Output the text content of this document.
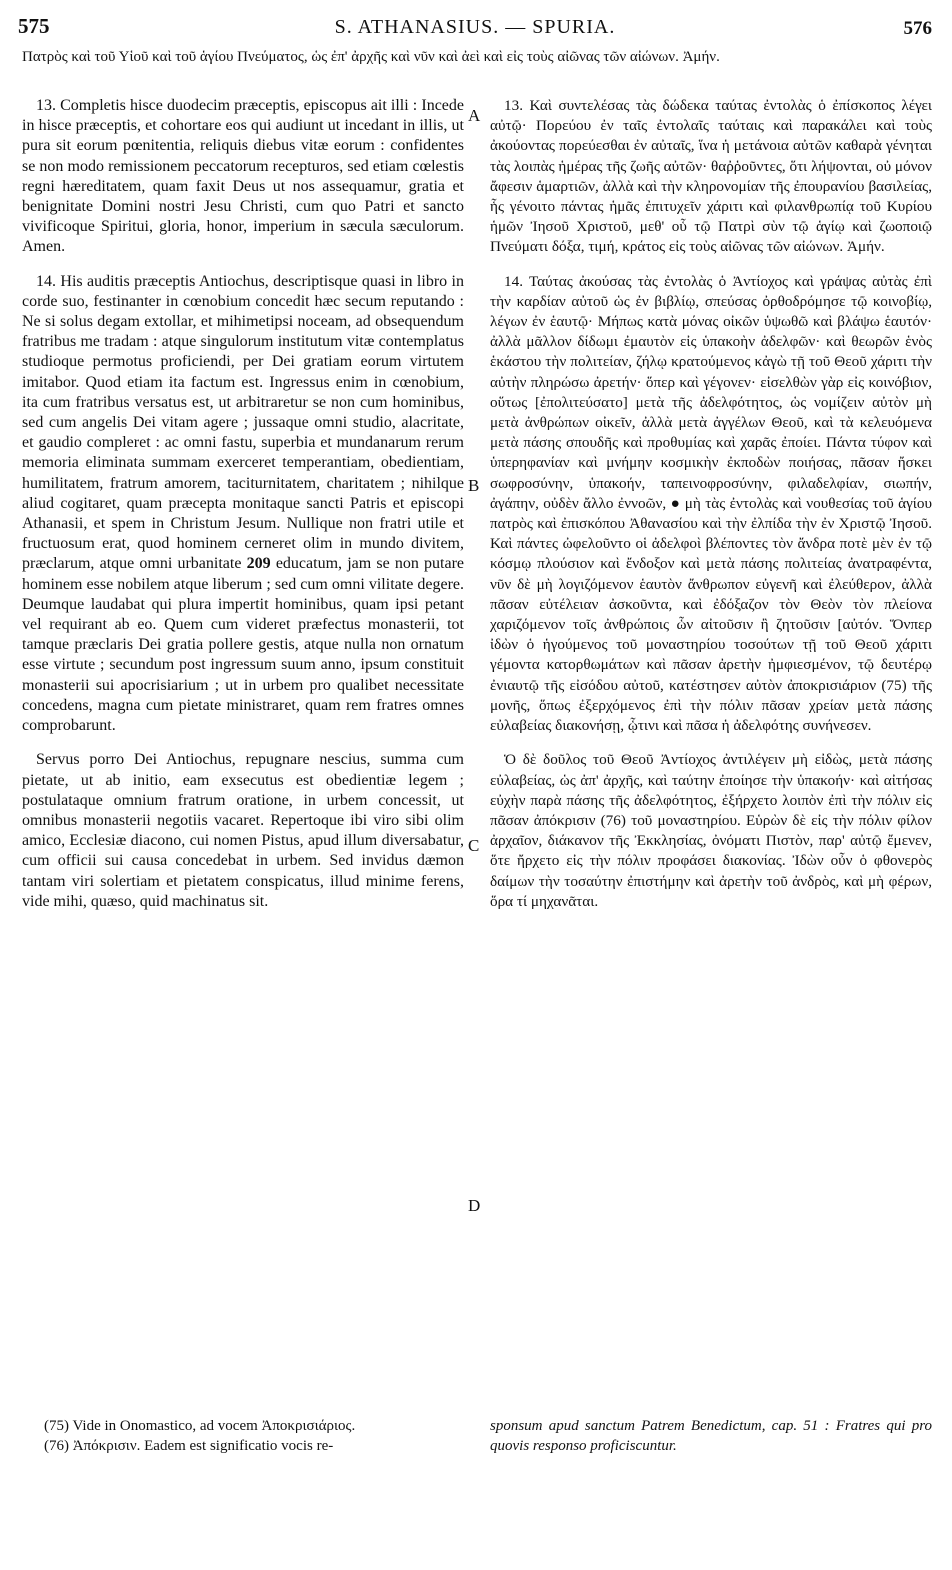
575	S. ATHANASIUS. — SPURIA.	576
Πατρὸς καὶ τοῦ Υἱοῦ καὶ τοῦ ἁγίου Πνεύματος, ὡς ἐπ' ἀρχῆς καὶ νῦν καὶ ἀεὶ καὶ εἰς τοὺς αἰῶνας τῶν αἰώνων. Ἀμήν.

13. Completis hisce duodecim præceptis, episcopus ait illi : Incede in hisce præceptis, et cohortare eos qui audiunt ut incedant in illis, ut pura sit eorum pœnitentia, reliquis diebus vitæ eorum : confidentes se non modo remissionem peccatorum recepturos, sed etiam cœlestis regni hæreditatem, quam faxit Deus ut nos assequamur, gratia et benignitate Domini nostri Jesu Christi, cum quo Patri et sancto vivificoque Spiritui, gloria, honor, imperium in sæcula sæculorum. Amen.

14. His auditis præceptis Antiochus, descriptisque quasi in libro in corde suo, festinanter in cœnobium concedit hæc secum reputando : Ne si solus degam extollar, et mihimetipsi noceam, ad obsequendum fratribus me tradam : atque singulorum institutum vitæ contemplatus studioque permotus proficiendi, per Dei gratiam eorum virtutem imitabor. Quod etiam ita factum est. Ingressus enim in cœnobium, ita cum fratribus versatus est, ut arbitraretur se non cum hominibus, sed cum angelis Dei vitam agere ; jussaque omni studio, alacritate, et gaudio compleret : ac omni fastu, superbia et mundanarum rerum memoria eliminata summam exerceret temperantiam, obedientiam, humilitatem, fratrum amorem, taciturnitatem, charitatem ; nihilque aliud cogitaret, quam præcepta monitaque sancti Patris et episcopi Athanasii, et spem in Christum Jesum. Nullique non fratri utile et fructuosum erat, quod hominem cerneret olim in mundo divitem, præclarum, atque omni urbanitate 209 educatum, jam se non putare hominem esse nobilem atque liberum ; sed cum omni vilitate degere. Deumque laudabat qui plura impertit hominibus, quam ipsi petant vel requirant ab eo. Quem cum videret præfectus monasterii, tot tamque præclaris Dei gratia pollere gestis, atque nulla non ornatum esse virtute ; secundum post ingressum suum anno, ipsum constituit monasterii sui apocrisiarium ; ut in urbem pro qualibet necessitate concedens, magna cum pietate ministraret, quam rem fratres omnes comprobarunt.

Servus porro Dei Antiochus, repugnare nescius, summa cum pietate, ut ab initio, eam exsecutus est obedientiæ legem ; postulataque omnium fratrum oratione, in urbem concessit, ut omnibus monasterii negotiis vacaret. Repertoque ibi viro sibi olim amico, Ecclesiæ diacono, cui nomen Pistus, apud illum diversabatur, cum officii sui causa concedebat in urbem. Sed invidus dæmon tantam viri solertiam et pietatem conspicatus, illud minime ferens, vide mihi, quæso, quid machinatus sit.

A
B
C
D

13. Καὶ συντελέσας τὰς δώδεκα ταύτας ἐντολὰς ὁ ἐπίσκοπος λέγει αὐτῷ· Πορεύου ἐν ταῖς ἐντολαῖς ταύταις καὶ παρακάλει καὶ τοὺς ἀκούοντας πορεύεσθαι ἐν αὐταῖς, ἵνα ἡ μετάνοια αὐτῶν καθαρὰ γένηται τὰς λοιπὰς ἡμέρας τῆς ζωῆς αὐτῶν· θαῤῥοῦντες, ὅτι λήψονται, οὐ μόνον ἄφεσιν ἁμαρτιῶν, ἀλλὰ καὶ τὴν κληρονομίαν τῆς ἐπουρανίου βασιλείας, ἧς γένοιτο πάντας ἡμᾶς ἐπιτυχεῖν χάριτι καὶ φιλανθρωπίᾳ τοῦ Κυρίου ἡμῶν Ἰησοῦ Χριστοῦ, μεθ' οὗ τῷ Πατρὶ σὺν τῷ ἁγίῳ καὶ ζωοποιῷ Πνεύματι δόξα, τιμή, κράτος εἰς τοὺς αἰῶνας τῶν αἰώνων. Ἀμήν.

14. Ταύτας ἀκούσας τὰς ἐντολὰς ὁ Ἀντίοχος καὶ γράψας αὐτὰς ἐπὶ τὴν καρδίαν αὐτοῦ ὡς ἐν βιβλίῳ, σπεύσας ὀρθοδρόμησε τῷ κοινοβίῳ, λέγων ἐν ἑαυτῷ· Μήπως κατὰ μόνας οἰκῶν ὑψωθῶ καὶ βλάψω ἑαυτόν· ἀλλὰ μᾶλλον δίδωμι ἐμαυτὸν εἰς ὑπακοὴν ἀδελφῶν· καὶ θεωρῶν ἑνὸς ἑκάστου τὴν πολιτείαν, ζήλῳ κρατούμενος κἀγὼ τῇ τοῦ Θεοῦ χάριτι τὴν αὐτὴν πληρώσω ἀρετήν· ὅπερ καὶ γέγονεν· εἰσελθὼν γὰρ εἰς κοινόβιον, οὕτως [ἐπολιτεύσατο] μετὰ τῆς ἀδελφότητος, ὡς νομίζειν αὐτὸν μὴ μετὰ ἀνθρώπων οἰκεῖν, ἀλλὰ μετὰ ἀγγέλων Θεοῦ, καὶ τὰ κελευόμενα μετὰ πάσης σπουδῆς καὶ προθυμίας καὶ χαρᾶς ἐποίει. Πάντα τύφον καὶ ὑπερηφανίαν καὶ μνήμην κοσμικὴν ἐκποδὼν ποιήσας, πᾶσαν ἤσκει σωφροσύνην, ὑπακοήν, ταπεινοφροσύνην, φιλαδελφίαν, σιωπήν, ἀγάπην, οὐδὲν ἄλλο ἐννοῶν, ● μὴ τὰς ἐντολὰς καὶ νουθεσίας τοῦ ἁγίου πατρὸς καὶ ἐπισκόπου Ἀθανασίου καὶ τὴν ἐλπίδα τὴν ἐν Χριστῷ Ἰησοῦ. Καὶ πάντες ὠφελοῦντο οἱ ἀδελφοὶ βλέποντες τὸν ἄνδρα ποτὲ μὲν ἐν τῷ κόσμῳ πλούσιον καὶ ἔνδοξον καὶ μετὰ πάσης πολιτείας ἀνατραφέντα, νῦν δὲ μὴ λογιζόμενον ἑαυτὸν ἄνθρωπον εὐγενῆ καὶ ἐλεύθερον, ἀλλὰ πᾶσαν εὐτέλειαν ἀσκοῦντα, καὶ ἐδόξαζον τὸν Θεὸν τὸν πλείονα χαριζόμενον τοῖς ἀνθρώποις ὧν αἰτοῦσιν ἢ ζητοῦσιν [αὐτόν. Ὅνπερ ἰδὼν ὁ ἡγούμενος τοῦ μοναστηρίου τοσούτων τῇ τοῦ Θεοῦ χάριτι γέμοντα κατορθωμάτων καὶ πᾶσαν ἀρετὴν ἠμφιεσμένον, τῷ δευτέρῳ ἐνιαυτῷ τῆς εἰσόδου αὐτοῦ, κατέστησεν αὐτὸν ἀποκρισιάριον (75) τῆς μονῆς, ὅπως ἐξερχόμενος ἐπὶ τὴν πόλιν πᾶσαν χρείαν μετὰ πάσης εὐλαβείας διακονήσῃ, ᾧτινι καὶ πᾶσα ἡ ἀδελφότης συνήνεσεν.

Ὁ δὲ δοῦλος τοῦ Θεοῦ Ἀντίοχος ἀντιλέγειν μὴ εἰδὼς, μετὰ πάσης εὐλαβείας, ὡς ἀπ' ἀρχῆς, καὶ ταύτην ἐποίησε τὴν ὑπακοήν· καὶ αἰτήσας εὐχὴν παρὰ πάσης τῆς ἀδελφότητος, ἐξήρχετο λοιπὸν ἐπὶ τὴν πόλιν εἰς πᾶσαν ἀπόκρισιν (76) τοῦ μοναστηρίου. Εὑρὼν δὲ εἰς τὴν πόλιν φίλον ἀρχαῖον, διάκανον τῆς Ἐκκλησίας, ὀνόματι Πιστὸν, παρ' αὐτῷ ἔμενεν, ὅτε ἤρχετο εἰς τὴν πόλιν προφάσει διακονίας. Ἰδὼν οὖν ὁ φθονερὸς δαίμων τὴν τοσαύτην ἐπιστήμην καὶ ἀρετὴν τοῦ ἀνδρὸς, καὶ μὴ φέρων, ὅρα τί μηχανᾶται.

(75) Vide in Onomastico, ad vocem Ἀποκρισιάριος.
(76) Ἀπόκρισιν. Eadem est significatio vocis re-
sponsum apud sanctum Patrem Benedictum, cap. 51 : Fratres qui pro quovis responso proficiscuntur.
